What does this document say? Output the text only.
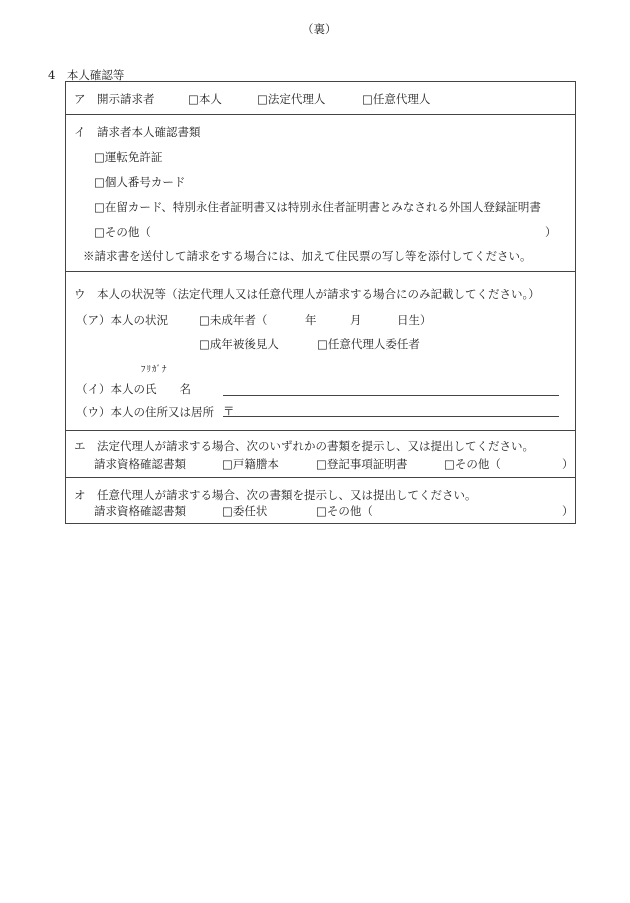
（裏）
4　本人確認等
ア　開示請求者	□本人	□法定代理人	□任意代理人
イ　請求者本人確認書類
□運転免許証
□個人番号カード
□在留カード、特別永住者証明書又は特別永住者証明書とみなされる外国人登録証明書
□その他（	）
※請求書を送付して請求をする場合には、加えて住民票の写し等を添付してください。
ウ　本人の状況等（法定代理人又は任意代理人が請求する場合にのみ記載してください。）
（ア）本人の状況	□未成年者（	年	月	日生）
□成年被後見人	□任意代理人委任者
ﾌﾘｶﾞﾅ
（イ）本人の氏　　名
（ウ）本人の住所又は居所 〒
エ　法定代理人が請求する場合、次のいずれかの書類を提示し、又は提出してください。
請求資格確認書類	□戸籍謄本	□登記事項証明書	□その他（	）
オ　任意代理人が請求する場合、次の書類を提示し、又は提出してください。
請求資格確認書類	□委任状	□その他（	）
